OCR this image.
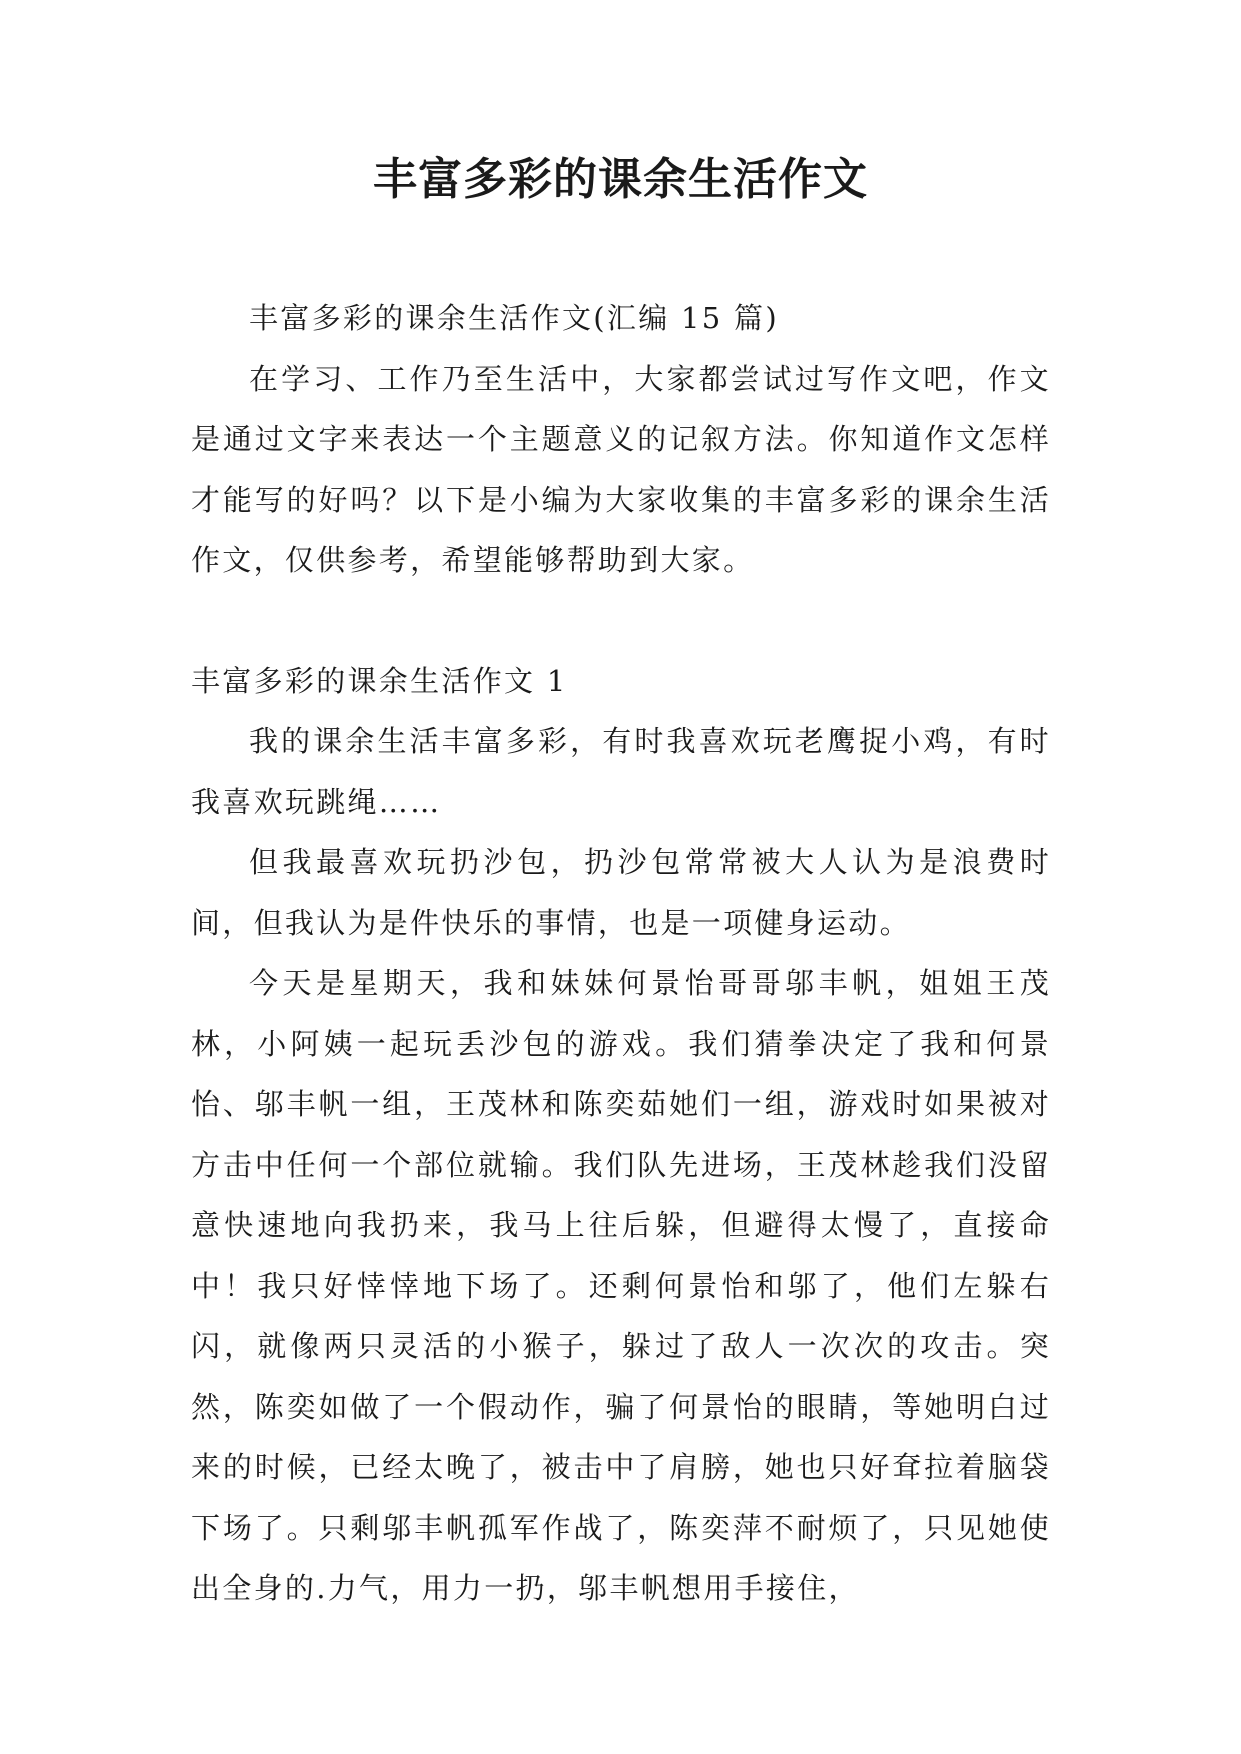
丰富多彩的课余生活作文

丰富多彩的课余生活作文(汇编 15 篇)

在学习、工作乃至生活中，大家都尝试过写作文吧，作文是通过文字来表达一个主题意义的记叙方法。你知道作文怎样才能写的好吗？以下是小编为大家收集的丰富多彩的课余生活作文，仅供参考，希望能够帮助到大家。

丰富多彩的课余生活作文 1

我的课余生活丰富多彩，有时我喜欢玩老鹰捉小鸡，有时我喜欢玩跳绳……

但我最喜欢玩扔沙包，扔沙包常常被大人认为是浪费时间，但我认为是件快乐的事情，也是一项健身运动。

今天是星期天，我和妹妹何景怡哥哥邬丰帆，姐姐王茂林，小阿姨一起玩丢沙包的游戏。我们猜拳决定了我和何景怡、邬丰帆一组，王茂林和陈奕茹她们一组，游戏时如果被对方击中任何一个部位就输。我们队先进场，王茂林趁我们没留意快速地向我扔来，我马上往后躲，但避得太慢了，直接命中！我只好悻悻地下场了。还剩何景怡和邬了，他们左躲右闪，就像两只灵活的小猴子，躲过了敌人一次次的攻击。突然，陈奕如做了一个假动作，骗了何景怡的眼睛，等她明白过来的时候，已经太晚了，被击中了肩膀，她也只好耷拉着脑袋下场了。只剩邬丰帆孤军作战了，陈奕萍不耐烦了，只见她使出全身的.力气，用力一扔，邬丰帆想用手接住，
